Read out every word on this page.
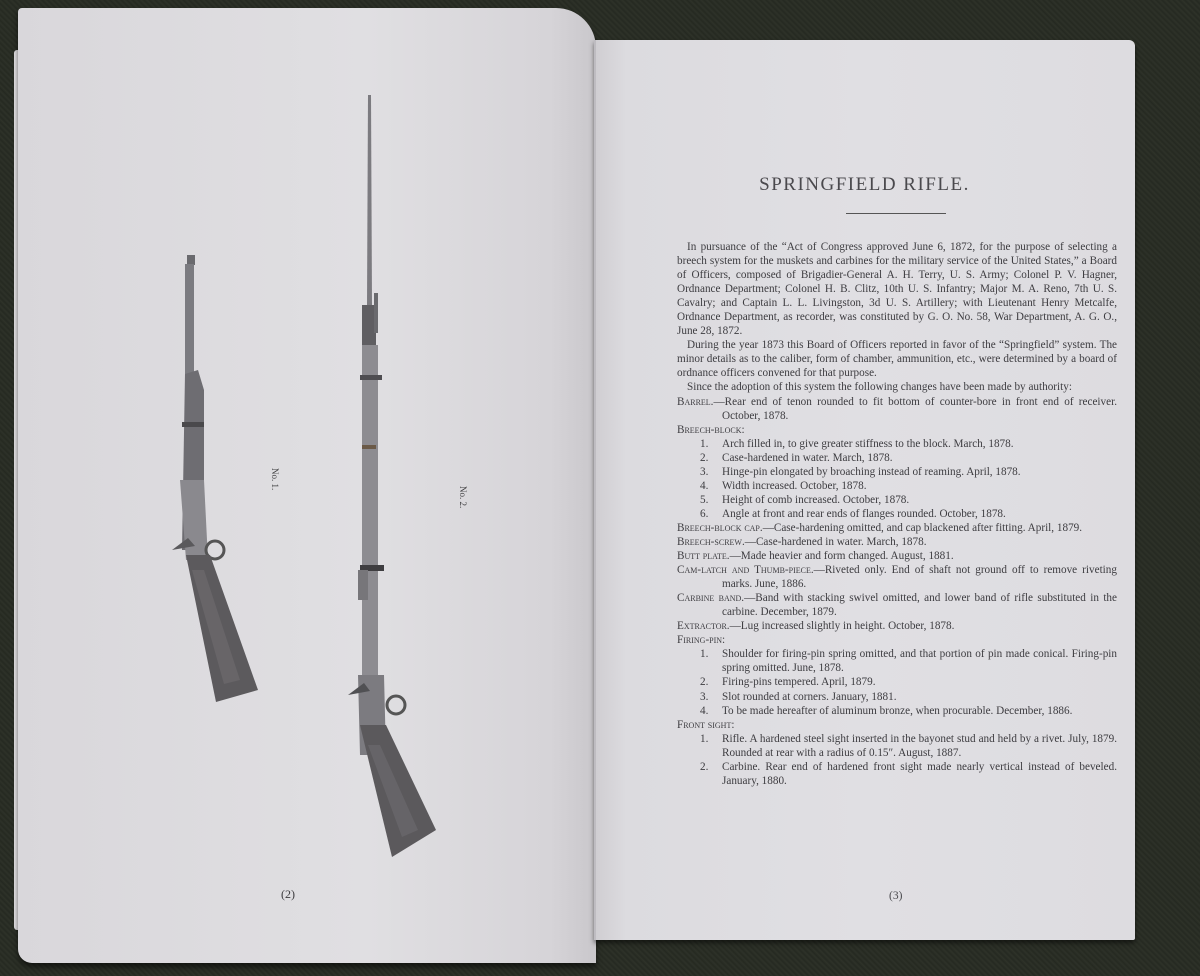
No. 1.
No. 2.
(2)
SPRINGFIELD RIFLE.

In pursuance of the “Act of Congress approved June 6, 1872, for the purpose of selecting a breech system for the muskets and carbines for the military service of the United States,” a Board of Officers, composed of Brigadier-General A. H. Terry, U. S. Army; Colonel P. V. Hagner, Ordnance Department; Colonel H. B. Clitz, 10th U. S. Infantry; Major M. A. Reno, 7th U. S. Cavalry; and Captain L. L. Livingston, 3d U. S. Artillery; with Lieutenant Henry Metcalfe, Ordnance Department, as recorder, was constituted by G. O. No. 58, War Department, A. G. O., June 28, 1872.

During the year 1873 this Board of Officers reported in favor of the “Springfield” system. The minor details as to the caliber, form of chamber, ammunition, etc., were determined by a board of ordnance officers convened for that purpose.

Since the adoption of this system the following changes have been made by authority:

Barrel.—Rear end of tenon rounded to fit bottom of counter-bore in front end of receiver. October, 1878.
Breech-block:
1. Arch filled in, to give greater stiffness to the block. March, 1878.
2. Case-hardened in water. March, 1878.
3. Hinge-pin elongated by broaching instead of reaming. April, 1878.
4. Width increased. October, 1878.
5. Height of comb increased. October, 1878.
6. Angle at front and rear ends of flanges rounded. October, 1878.
Breech-block cap.—Case-hardening omitted, and cap blackened after fitting. April, 1879.
Breech-screw.—Case-hardened in water. March, 1878.
Butt plate.—Made heavier and form changed. August, 1881.
Cam-latch and Thumb-piece.—Riveted only. End of shaft not ground off to remove riveting marks. June, 1886.
Carbine band.—Band with stacking swivel omitted, and lower band of rifle substituted in the carbine. December, 1879.
Extractor.—Lug increased slightly in height. October, 1878.
Firing-pin:
1. Shoulder for firing-pin spring omitted, and that portion of pin made conical. Firing-pin spring omitted. June, 1878.
2. Firing-pins tempered. April, 1879.
3. Slot rounded at corners. January, 1881.
4. To be made hereafter of aluminum bronze, when procurable. December, 1886.
Front sight:
1. Rifle. A hardened steel sight inserted in the bayonet stud and held by a rivet. July, 1879. Rounded at rear with a radius of 0.15″. August, 1887.
2. Carbine. Rear end of hardened front sight made nearly vertical instead of beveled. January, 1880.
(3)
